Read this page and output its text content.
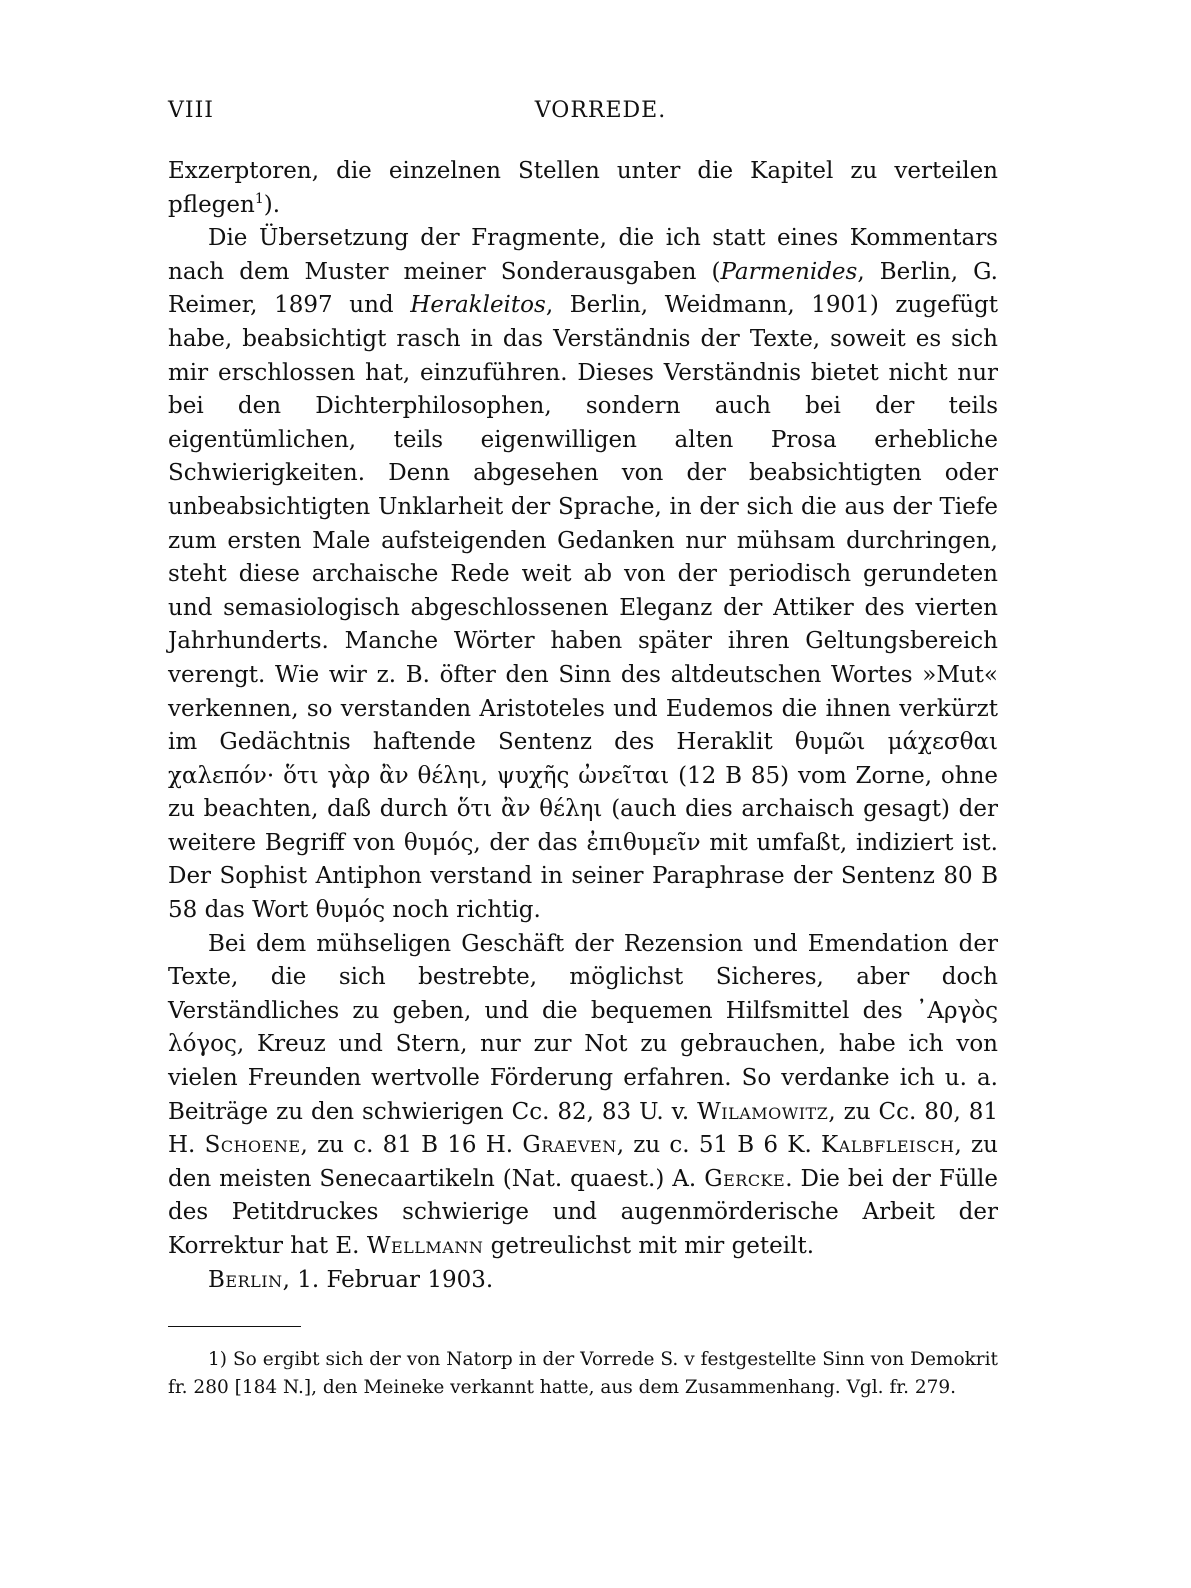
VIII	VORREDE.

Exzerptoren, die einzelnen Stellen unter die Kapitel zu verteilen pflegen$^1$).

Die Übersetzung der Fragmente, die ich statt eines Kommentars nach dem Muster meiner Sonderausgaben (Parmenides, Berlin, G. Reimer, 1897 und Herakleitos, Berlin, Weidmann, 1901) zugefügt habe, beabsichtigt rasch in das Verständnis der Texte, soweit es sich mir erschlossen hat, einzuführen. Dieses Verständnis bietet nicht nur bei den Dichterphilosophen, sondern auch bei der teils eigentümlichen, teils eigenwilligen alten Prosa erhebliche Schwierigkeiten. Denn abgesehen von der beabsichtigten oder unbeabsichtigten Unklarheit der Sprache, in der sich die aus der Tiefe zum ersten Male aufsteigenden Gedanken nur mühsam durchringen, steht diese archaische Rede weit ab von der periodisch gerundeten und semasiologisch abgeschlossenen Eleganz der Attiker des vierten Jahrhunderts. Manche Wörter haben später ihren Geltungsbereich verengt. Wie wir z. B. öfter den Sinn des altdeutschen Wortes »Mut« verkennen, so verstanden Aristoteles und Eudemos die ihnen verkürzt im Gedächtnis haftende Sentenz des Heraklit θυμῶι μάχεσθαι χαλεπόν· ὅτι γὰρ ἂν θέληι, ψυχῆς ὠνεῖται (12 B 85) vom Zorne, ohne zu beachten, daß durch ὅτι ἂν θέληι (auch dies archaisch gesagt) der weitere Begriff von θυμός, der das ἐπιθυμεῖν mit umfaßt, indiziert ist. Der Sophist Antiphon verstand in seiner Paraphrase der Sentenz 80 B 58 das Wort θυμός noch richtig.

Bei dem mühseligen Geschäft der Rezension und Emendation der Texte, die sich bestrebte, möglichst Sicheres, aber doch Verständliches zu geben, und die bequemen Hilfsmittel des ᾽Αργὸς λόγος, Kreuz und Stern, nur zur Not zu gebrauchen, habe ich von vielen Freunden wertvolle Förderung erfahren. So verdanke ich u. a. Beiträge zu den schwierigen Cc. 82, 83 U. v. Wilamowitz, zu Cc. 80, 81 H. Schoene, zu c. 81 B 16 H. Graeven, zu c. 51 B 6 K. Kalbfleisch, zu den meisten Senecaartikeln (Nat. quaest.) A. Gercke. Die bei der Fülle des Petitdruckes schwierige und augenmörderische Arbeit der Korrektur hat E. Wellmann getreulichst mit mir geteilt.

Berlin, 1. Februar 1903.

1) So ergibt sich der von Natorp in der Vorrede S. v festgestellte Sinn von Demokrit fr. 280 [184 N.], den Meineke verkannt hatte, aus dem Zusammenhang. Vgl. fr. 279.
